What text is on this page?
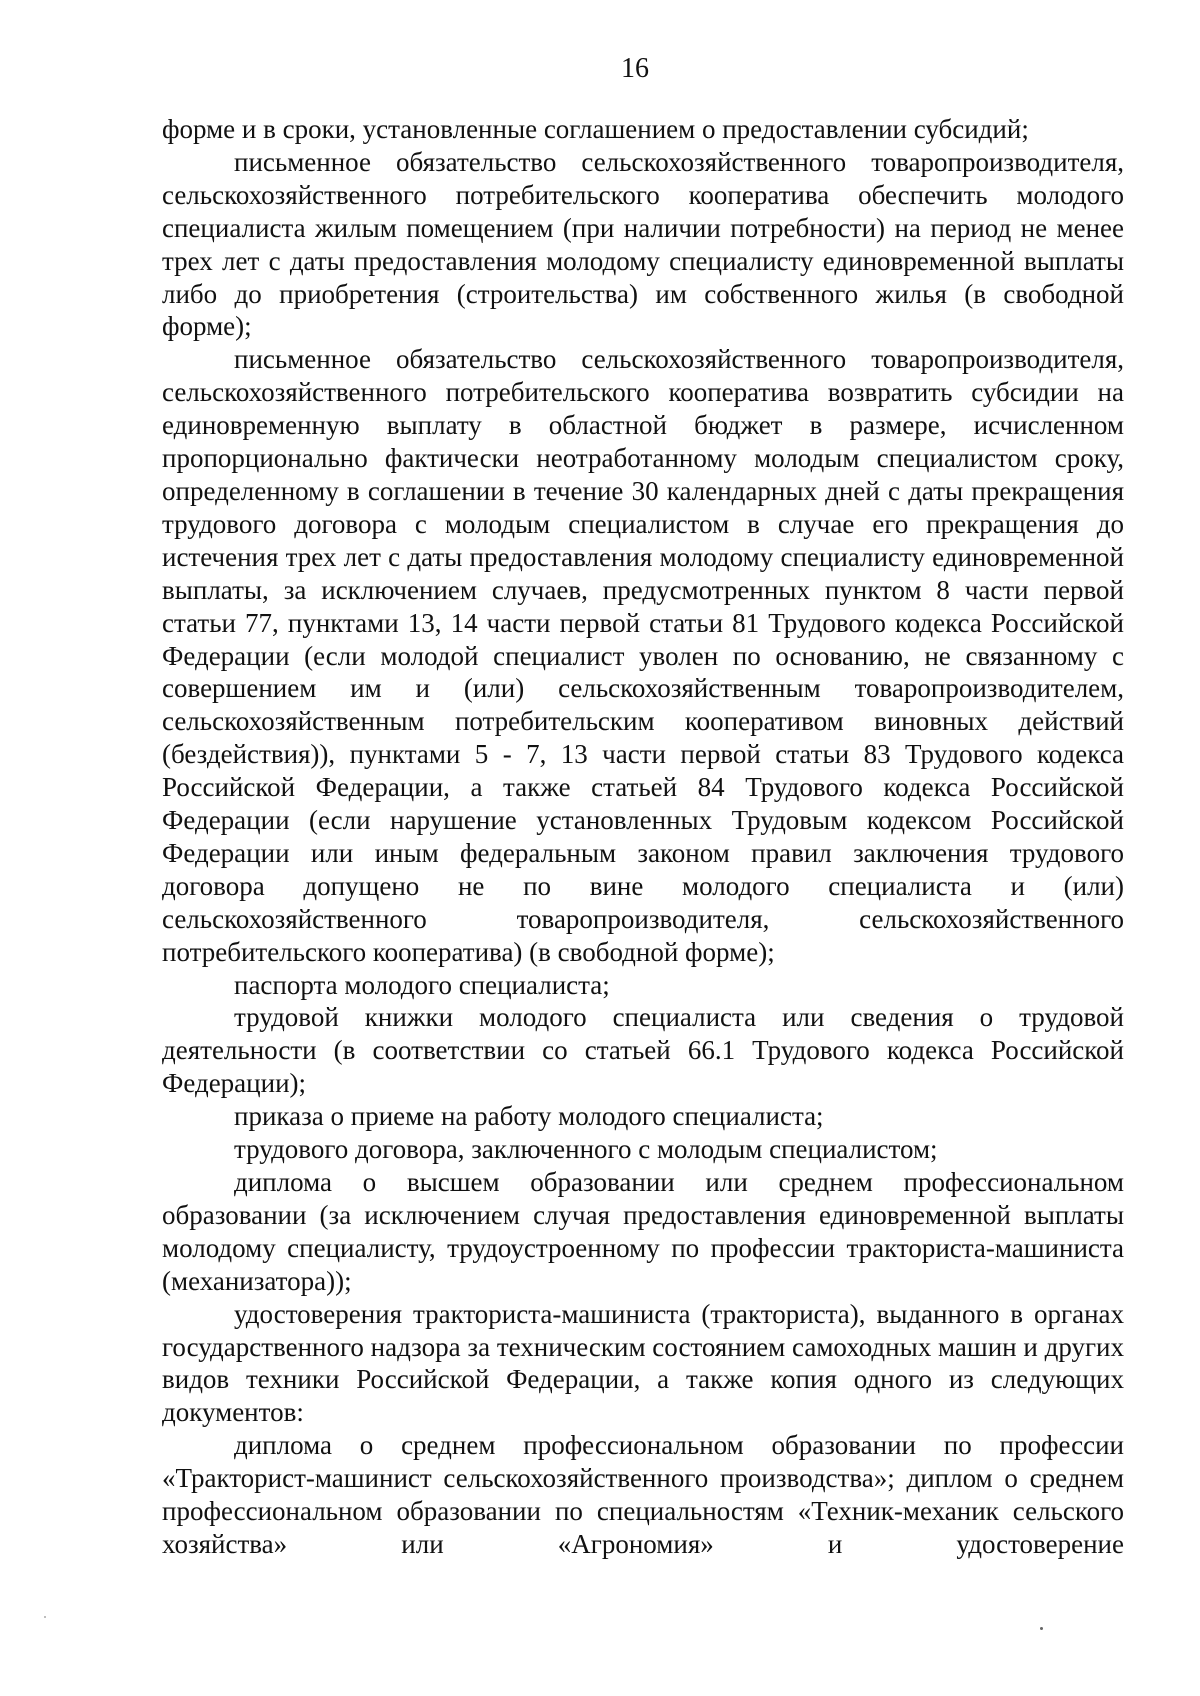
16

форме и в сроки, установленные соглашением о предоставлении субсидий;

письменное обязательство сельскохозяйственного товаропроизводителя, сельскохозяйственного потребительского кооператива обеспечить молодого специалиста жилым помещением (при наличии потребности) на период не менее трех лет с даты предоставления молодому специалисту единовременной выплаты либо до приобретения (строительства) им собственного жилья (в свободной форме);

письменное обязательство сельскохозяйственного товаропроизводителя, сельскохозяйственного потребительского кооператива возвратить субсидии на единовременную выплату в областной бюджет в размере, исчисленном пропорционально фактически неотработанному молодым специалистом сроку, определенному в соглашении в течение 30 календарных дней с даты прекращения трудового договора с молодым специалистом в случае его прекращения до истечения трех лет с даты предоставления молодому специалисту единовременной выплаты, за исключением случаев, предусмотренных пунктом 8 части первой статьи 77, пунктами 13, 14 части первой статьи 81 Трудового кодекса Российской Федерации (если молодой специалист уволен по основанию, не связанному с совершением им и (или) сельскохозяйственным товаропроизводителем, сельскохозяйственным потребительским кооперативом виновных действий (бездействия)), пунктами 5 - 7, 13 части первой статьи 83 Трудового кодекса Российской Федерации, а также статьей 84 Трудового кодекса Российской Федерации (если нарушение установленных Трудовым кодексом Российской Федерации или иным федеральным законом правил заключения трудового договора допущено не по вине молодого специалиста и (или) сельскохозяйственного товаропроизводителя, сельскохозяйственного потребительского кооператива) (в свободной форме);

паспорта молодого специалиста;

трудовой книжки молодого специалиста или сведения о трудовой деятельности (в соответствии со статьей 66.1 Трудового кодекса Российской Федерации);

приказа о приеме на работу молодого специалиста;

трудового договора, заключенного с молодым специалистом;

диплома о высшем образовании или среднем профессиональном образовании (за исключением случая предоставления единовременной выплаты молодому специалисту, трудоустроенному по профессии тракториста-машиниста (механизатора));

удостоверения тракториста-машиниста (тракториста), выданного в органах государственного надзора за техническим состоянием самоходных машин и других видов техники Российской Федерации, а также копия одного из следующих документов:

диплома о среднем профессиональном образовании по профессии «Тракторист-машинист сельскохозяйственного производства»; диплом о среднем профессиональном образовании по специальностям «Техник-механик сельского хозяйства» или «Агрономия» и удостоверение
